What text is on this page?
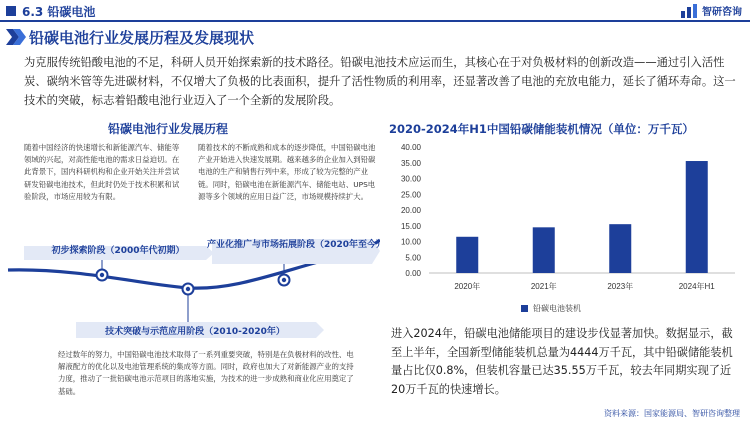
6.3 铅碳电池	智研咨询
铅碳电池行业发展历程及发展现状

为克服传统铅酸电池的不足，科研人员开始探索新的技术路径。铅碳电池技术应运而生，其核心在于对负极材料的创新改造——通过引入活性炭、碳纳米管等先进碳材料，不仅增大了负极的比表面积，提升了活性物质的利用率，还显著改善了电池的充放电能力，延长了循环寿命。这一技术的突破，标志着铅酸电池行业迈入了一个全新的发展阶段。

铅碳电池行业发展历程
随着中国经济的快速增长和新能源汽车、储能等领域的兴起，对高性能电池的需求日益迫切。在此背景下，国内科研机构和企业开始关注并尝试研发铅碳电池技术，但此时仍处于技术积累和试验阶段，市场应用较为有限。
随着技术的不断成熟和成本的逐步降低，中国铅碳电池产业开始进入快速发展期。越来越多的企业加入到铅碳电池的生产和销售行列中来，形成了较为完整的产业链。同时，铅碳电池在新能源汽车、储能电站、UPS电源等多个领域的应用日益广泛，市场规模持续扩大。
经过数年的努力，中国铅碳电池技术取得了一系列重要突破，特别是在负极材料的改性、电解液配方的优化以及电池管理系统的集成等方面。同时，政府也加大了对新能源产业的支持力度，推动了一批铅碳电池示范项目的落地实施，为技术的进一步成熟和商业化应用奠定了基础。
初步探索阶段（2000年代初期）
产业化推广与市场拓展阶段（2020年至今）
技术突破与示范应用阶段（2010-2020年）
2020-2024年H1中国铅碳储能装机情况（单位：万千瓦）
0.00
5.00
10.00
15.00
20.00
25.00
30.00
35.00
40.00
2020年	2021年	2023年	2024年H1
铅碳电池装机

进入2024年，铅碳电池储能项目的建设步伐显著加快。数据显示，截至上半年，全国新型储能装机总量为4444万千瓦，其中铅碳储能装机量占比仅0.8%，但装机容量已达35.55万千瓦，较去年同期实现了近20万千瓦的快速增长。

资料来源：国家能源局、智研咨询整理
